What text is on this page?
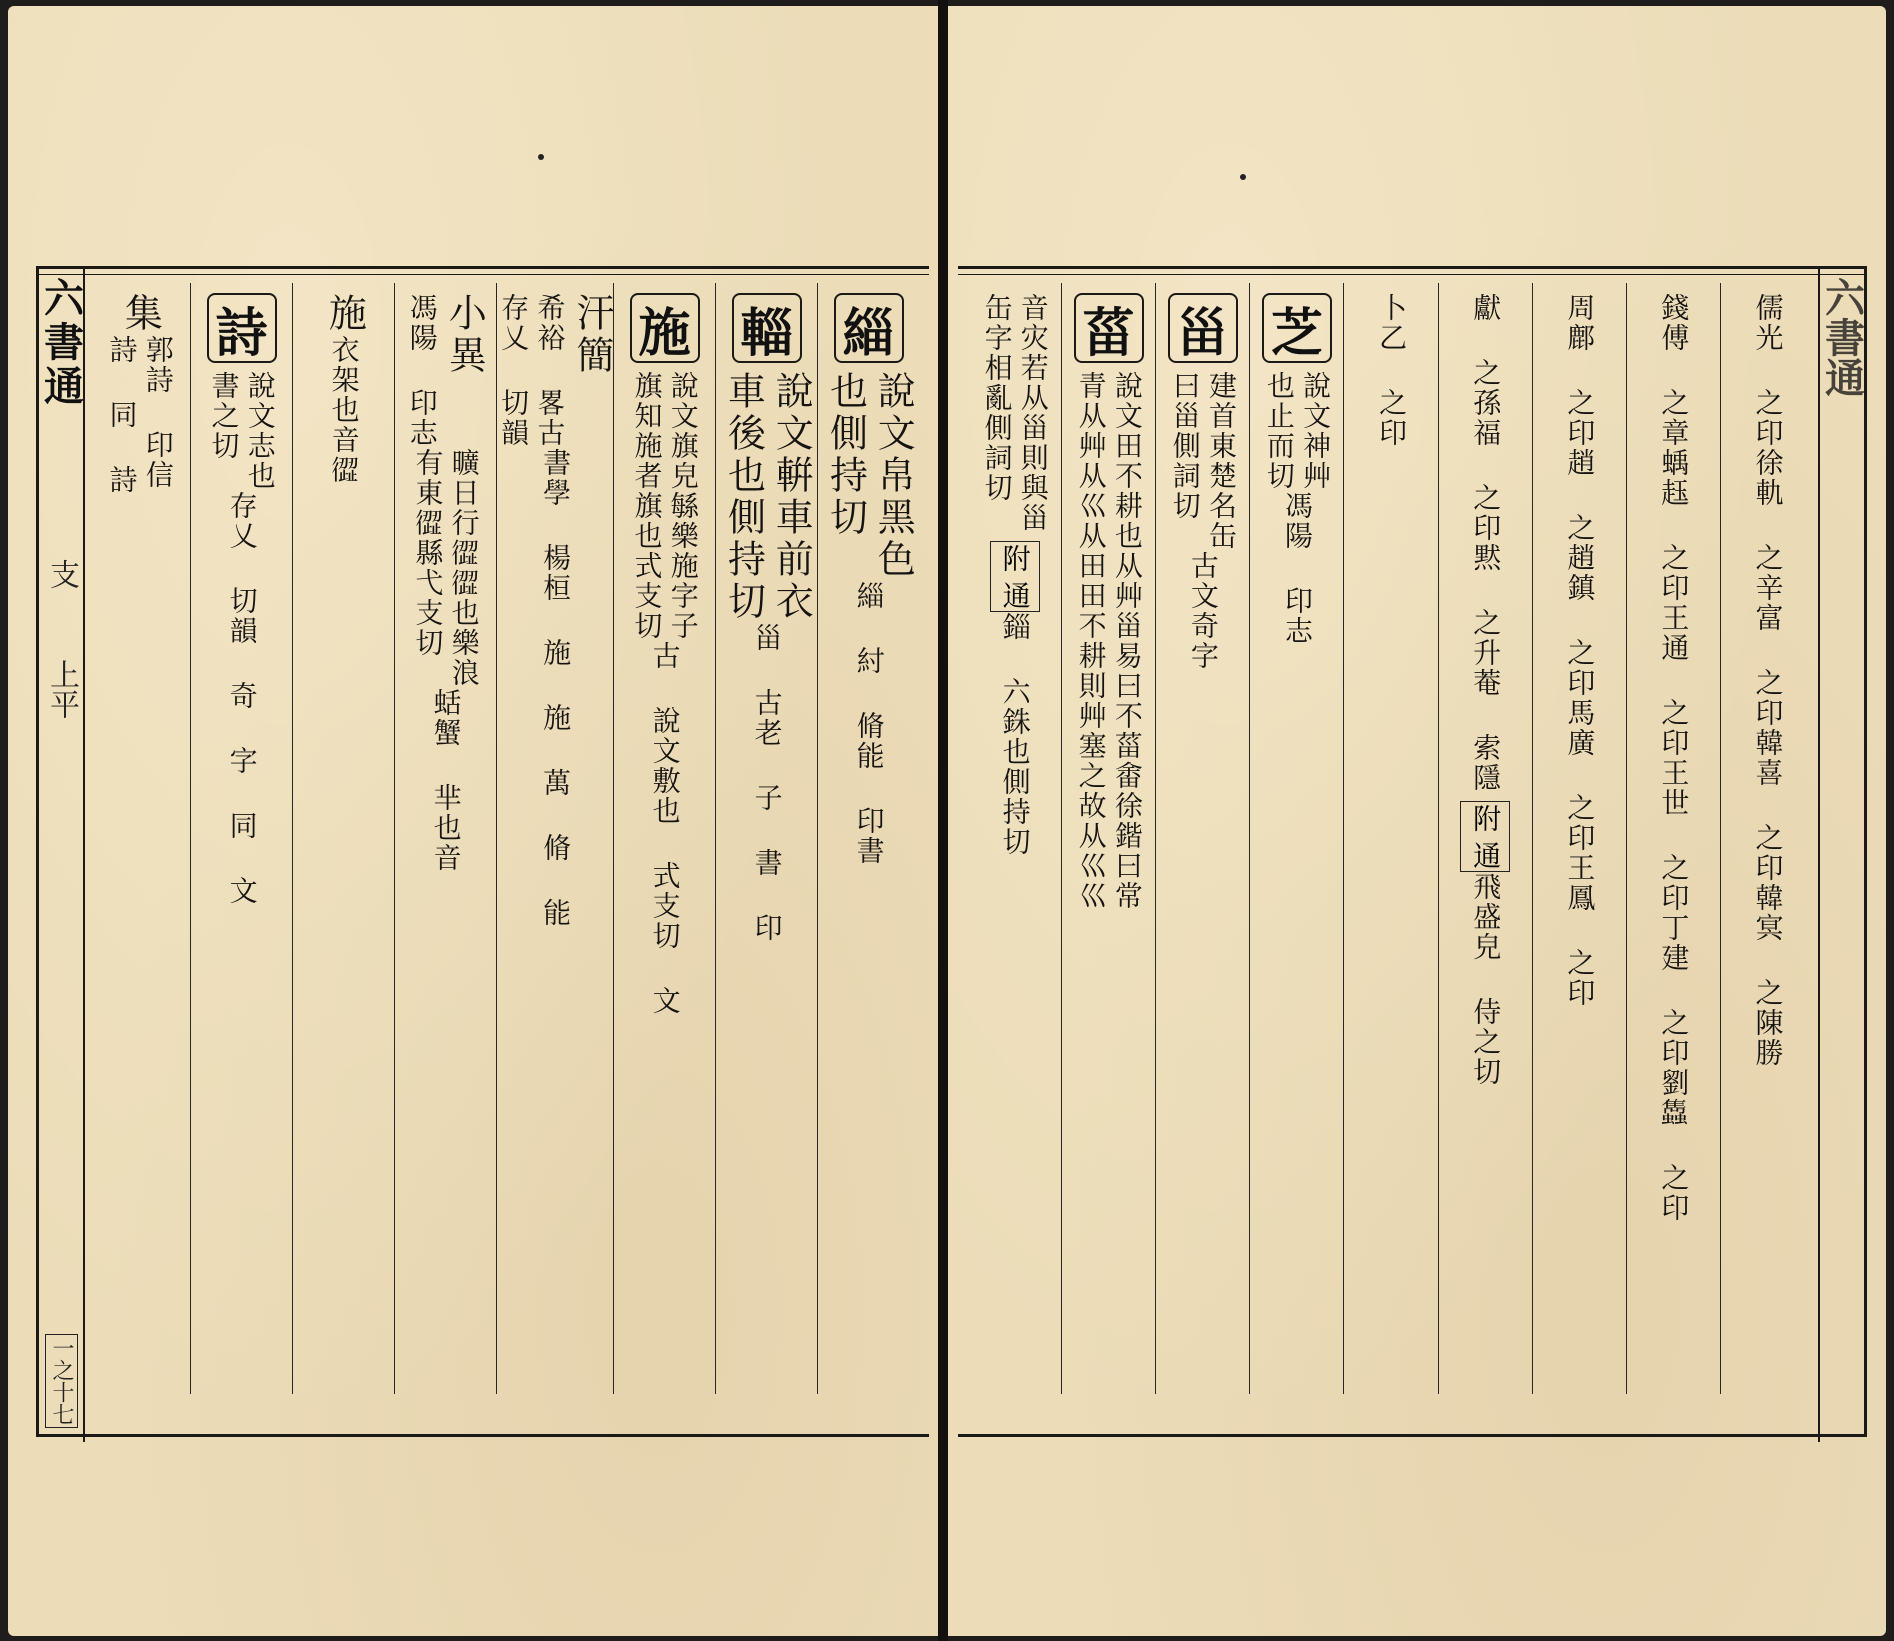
六書通
支
上平
一之十七
緇
說文帛黑色
也側持切
緇 紂 脩能 印書
輜
說文輧車前衣
車後也側持切
甾 古老 子 書 印
施
說文旗皃緐樂施字子
旗知施者旗也式支切
古 說文敷也 式支切 文
汗簡
希裕 畧古
存乂 切韻
書學 楊桓 施 施 萬 脩 能
小異
馮陽 印志
曠日行𢕬𢕬也樂浪
有東𢕬縣弋支切
蛞蟹 芈也音
施
衣架也
音𢕬
詩
說文志也
書之切
存乂 切韻 奇 字 同 文
集
郭詩 印信
詩 同 詩	六書通
儒光 之印
徐軌 之
辛富 之印
韓喜 之印
韓㝠 之
陳勝
錢傅 之章
蝺䞝 之印
王通 之印
王世 之印
丁建 之印
劉𧕲 之印
周鄜 之印
趙 之
趙鎮 之印
馬廣 之印
王鳳 之印
獻 之
孫福 之印
黙 之
升菴 索隱
附 通
飛盛皃 侍之切
卜乙 之印
芝
說文神艸
也止而切
馮陽 印志
甾
建首東楚名缶
曰甾側詞切
古文
奇字
菑
說文田不耕也从艸甾易曰不菑畬徐鍇曰常
青从艸从巛从田田不耕則艸塞之故从巛巛
音灾若从甾則與甾
缶字相亂側詞切
附 通
錙 六銖也
側持切
